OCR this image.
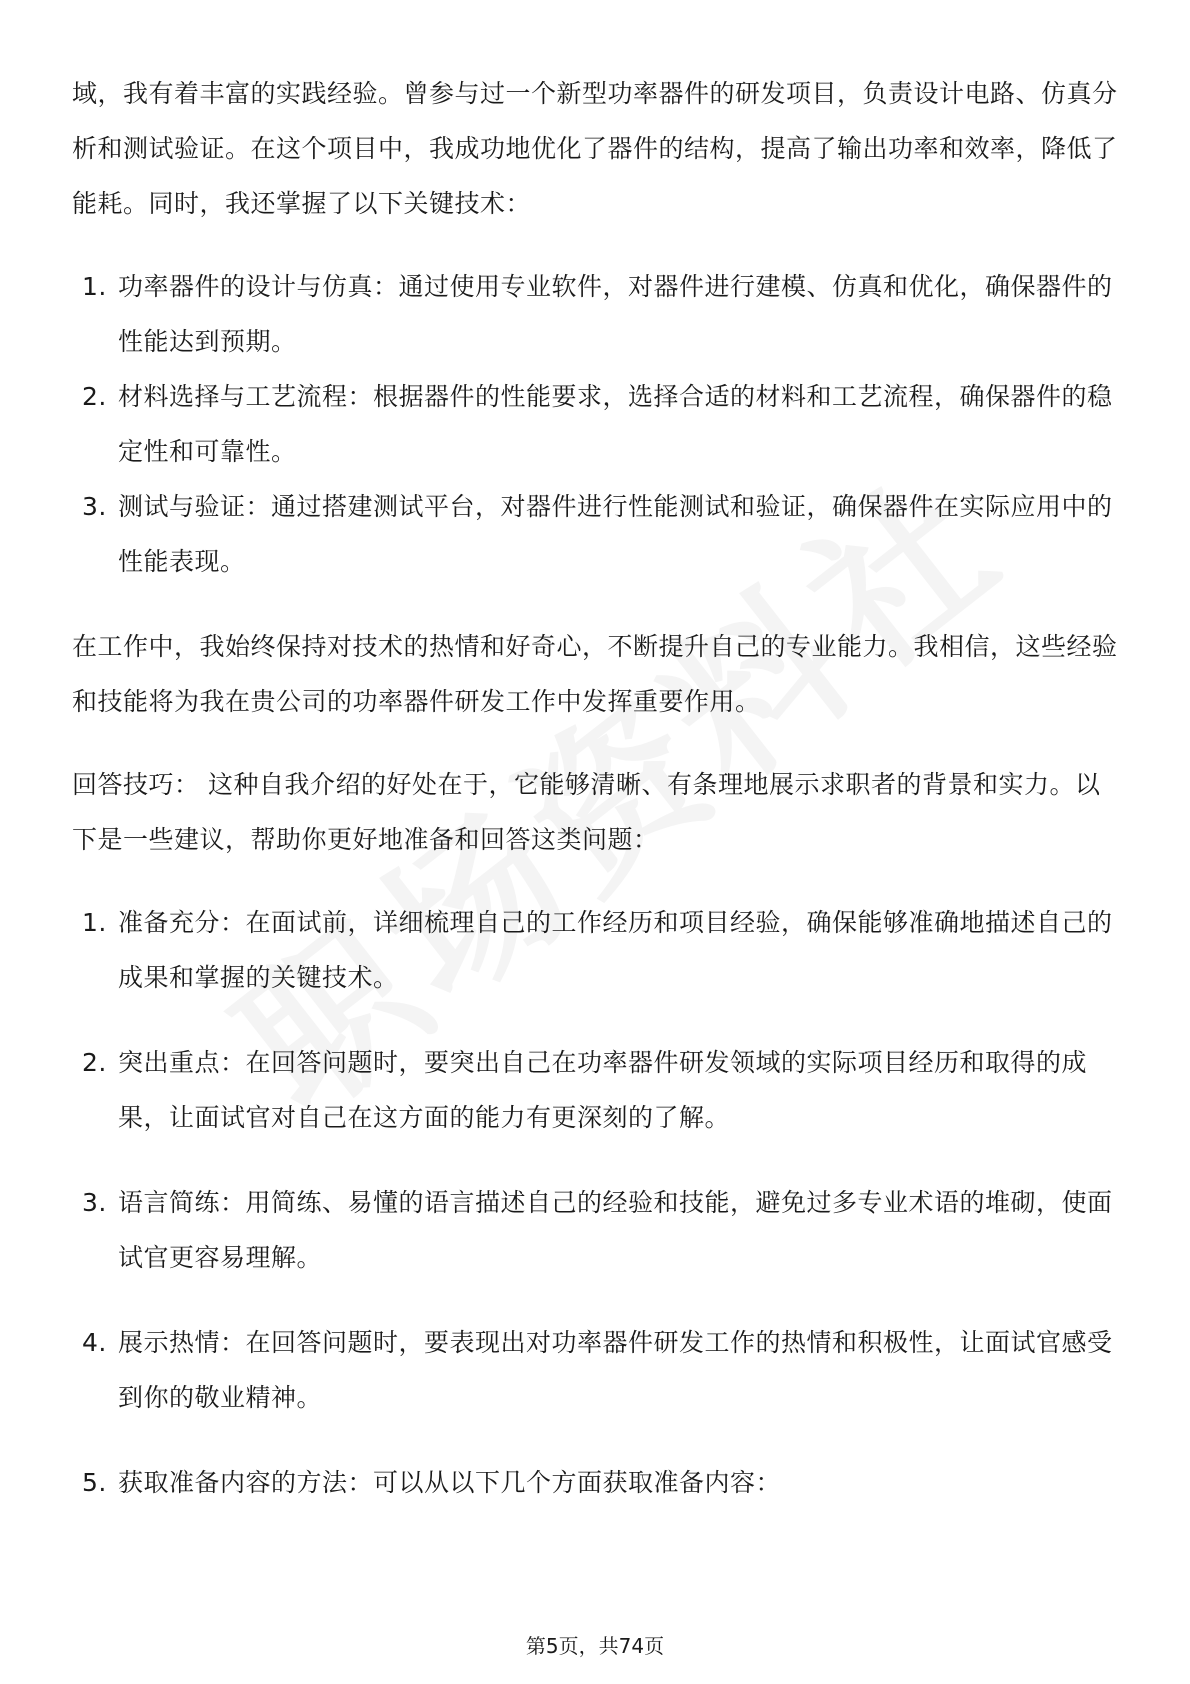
域，我有着丰富的实践经验。曾参与过一个新型功率器件的研发项目，负责设计电路、仿真分析和测试验证。在这个项目中，我成功地优化了器件的结构，提高了输出功率和效率，降低了能耗。同时，我还掌握了以下关键技术：

1. 功率器件的设计与仿真：通过使用专业软件，对器件进行建模、仿真和优化，确保器件的性能达到预期。
2. 材料选择与工艺流程：根据器件的性能要求，选择合适的材料和工艺流程，确保器件的稳定性和可靠性。
3. 测试与验证：通过搭建测试平台，对器件进行性能测试和验证，确保器件在实际应用中的性能表现。

在工作中，我始终保持对技术的热情和好奇心，不断提升自己的专业能力。我相信，这些经验和技能将为我在贵公司的功率器件研发工作中发挥重要作用。

回答技巧： 这种自我介绍的好处在于，它能够清晰、有条理地展示求职者的背景和实力。以下是一些建议，帮助你更好地准备和回答这类问题：

1. 准备充分：在面试前，详细梳理自己的工作经历和项目经验，确保能够准确地描述自己的成果和掌握的关键技术。
2. 突出重点：在回答问题时，要突出自己在功率器件研发领域的实际项目经历和取得的成果，让面试官对自己在这方面的能力有更深刻的了解。
3. 语言简练：用简练、易懂的语言描述自己的经验和技能，避免过多专业术语的堆砌，使面试官更容易理解。
4. 展示热情：在回答问题时，要表现出对功率器件研发工作的热情和积极性，让面试官感受到你的敬业精神。
5. 获取准备内容的方法：可以从以下几个方面获取准备内容：
第5页，共74页
